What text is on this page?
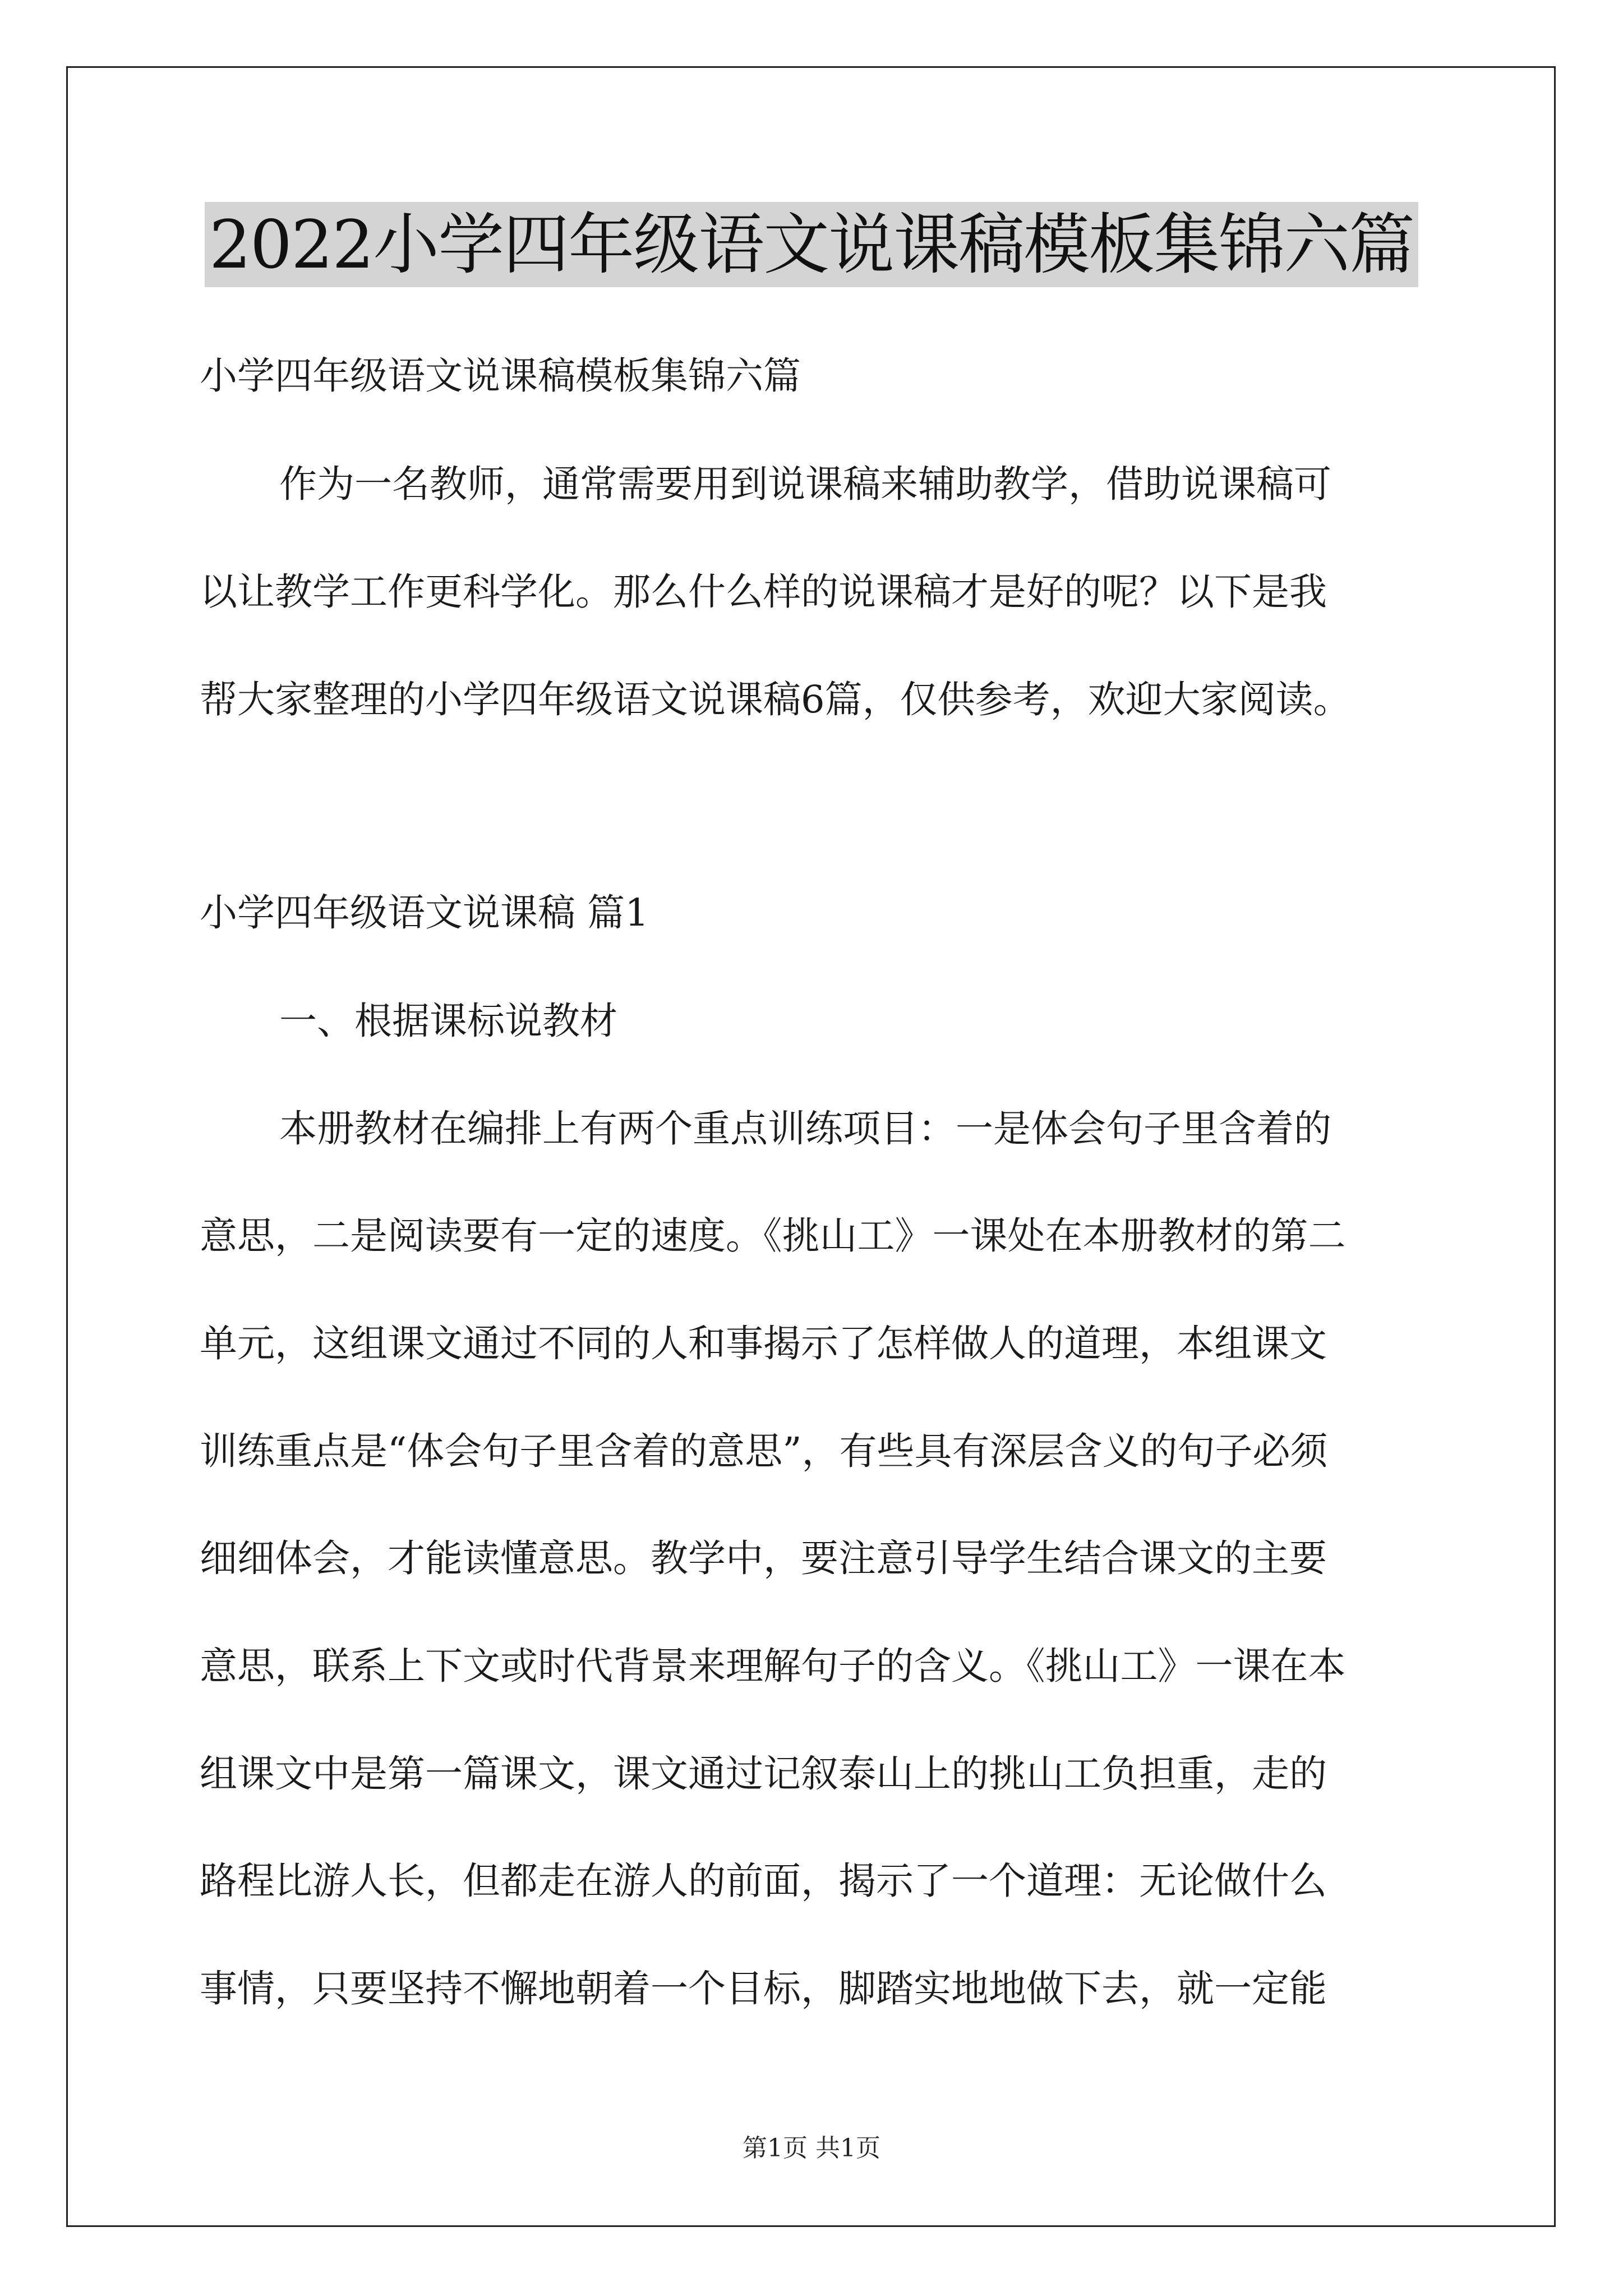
2022小学四年级语文说课稿模板集锦六篇
小学四年级语文说课稿模板集锦六篇
作为一名教师，通常需要用到说课稿来辅助教学，借助说课稿可
以让教学工作更科学化。那么什么样的说课稿才是好的呢？以下是我
帮大家整理的小学四年级语文说课稿6篇，仅供参考，欢迎大家阅读。
小学四年级语文说课稿 篇1
一、根据课标说教材
本册教材在编排上有两个重点训练项目：一是体会句子里含着的
意思，二是阅读要有一定的速度。《挑山工》一课处在本册教材的第二
单元，这组课文通过不同的人和事揭示了怎样做人的道理，本组课文
训练重点是“体会句子里含着的意思”，有些具有深层含义的句子必须
细细体会，才能读懂意思。教学中，要注意引导学生结合课文的主要
意思，联系上下文或时代背景来理解句子的含义。《挑山工》一课在本
组课文中是第一篇课文，课文通过记叙泰山上的挑山工负担重，走的
路程比游人长，但都走在游人的前面，揭示了一个道理：无论做什么
事情，只要坚持不懈地朝着一个目标，脚踏实地地做下去，就一定能
第1页 共1页
